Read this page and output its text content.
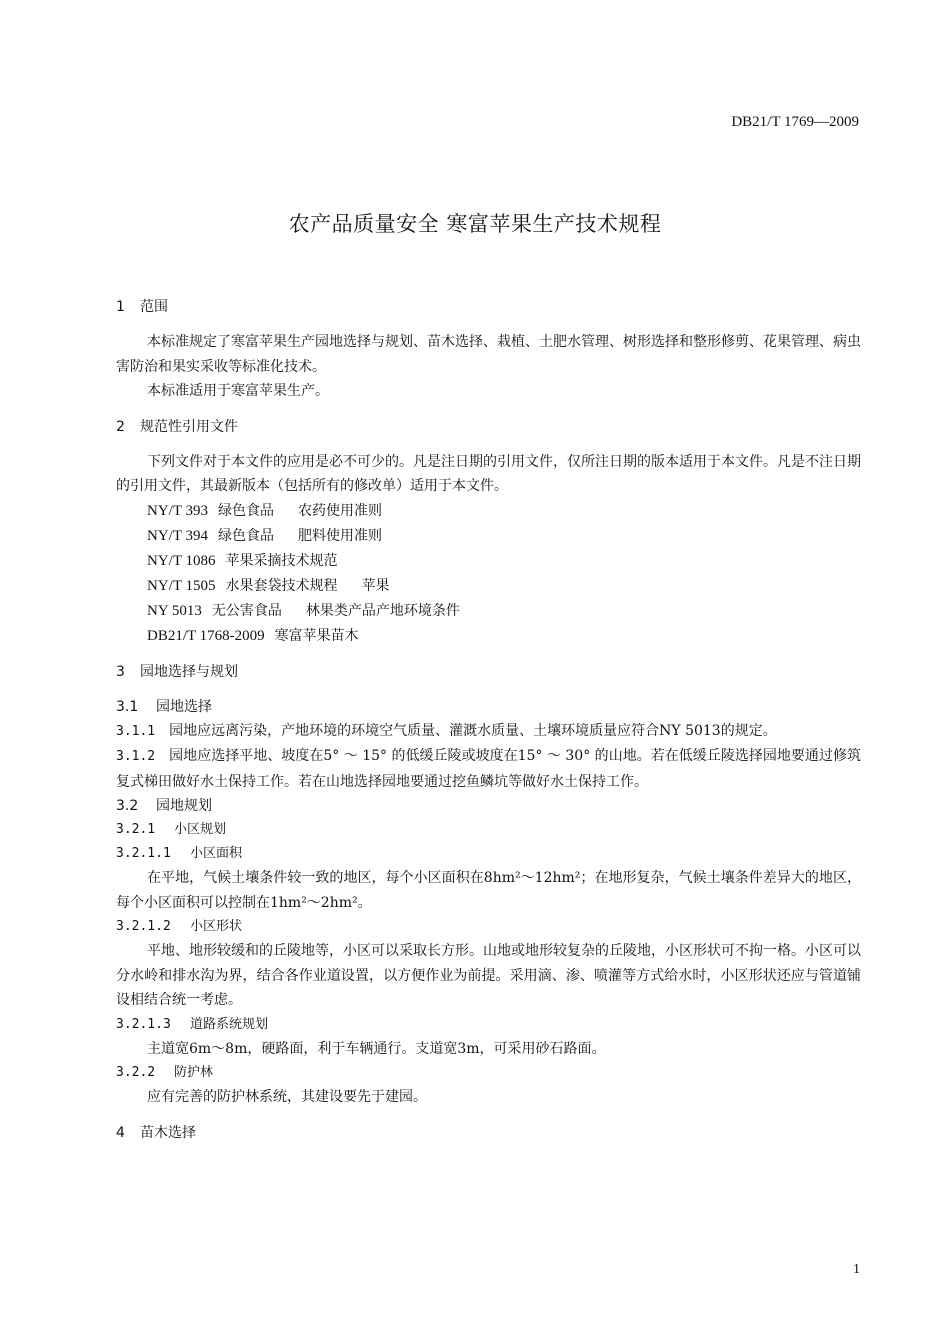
DB21/T 1769—2009
农产品质量安全 寒富苹果生产技术规程
1 范围

本标准规定了寒富苹果生产园地选择与规划、苗木选择、栽植、土肥水管理、树形选择和整形修剪、花果管理、病虫害防治和果实采收等标准化技术。

本标准适用于寒富苹果生产。

2 规范性引用文件

下列文件对于本文件的应用是必不可少的。凡是注日期的引用文件，仅所注日期的版本适用于本文件。凡是不注日期的引用文件，其最新版本（包括所有的修改单）适用于本文件。

NY/T 393 绿色食品 农药使用准则
NY/T 394 绿色食品 肥料使用准则
NY/T 1086 苹果采摘技术规范
NY/T 1505 水果套袋技术规程 苹果
NY 5013 无公害食品 林果类产品产地环境条件
DB21/T 1768-2009 寒富苹果苗木
3 园地选择与规划
3.1 园地选择

3.1.1 园地应远离污染，产地环境的环境空气质量、灌溉水质量、土壤环境质量应符合NY 5013的规定。

3.1.2 园地应选择平地、坡度在5° ～ 15° 的低缓丘陵或坡度在15° ～ 30° 的山地。若在低缓丘陵选择园地要通过修筑复式梯田做好水土保持工作。若在山地选择园地要通过挖鱼鳞坑等做好水土保持工作。

3.2 园地规划
3.2.1 小区规划
3.2.1.1 小区面积

在平地，气候土壤条件较一致的地区，每个小区面积在8hm²～12hm²；在地形复杂，气候土壤条件差异大的地区，每个小区面积可以控制在1hm²～2hm²。

3.2.1.2 小区形状

平地、地形较缓和的丘陵地等，小区可以采取长方形。山地或地形较复杂的丘陵地，小区形状可不拘一格。小区可以分水岭和排水沟为界，结合各作业道设置，以方便作业为前提。采用滴、渗、喷灌等方式给水时，小区形状还应与管道铺设相结合统一考虑。

3.2.1.3 道路系统规划

主道宽6m～8m，硬路面，利于车辆通行。支道宽3m，可采用砂石路面。

3.2.2 防护林

应有完善的防护林系统，其建设要先于建园。

4 苗木选择
1
